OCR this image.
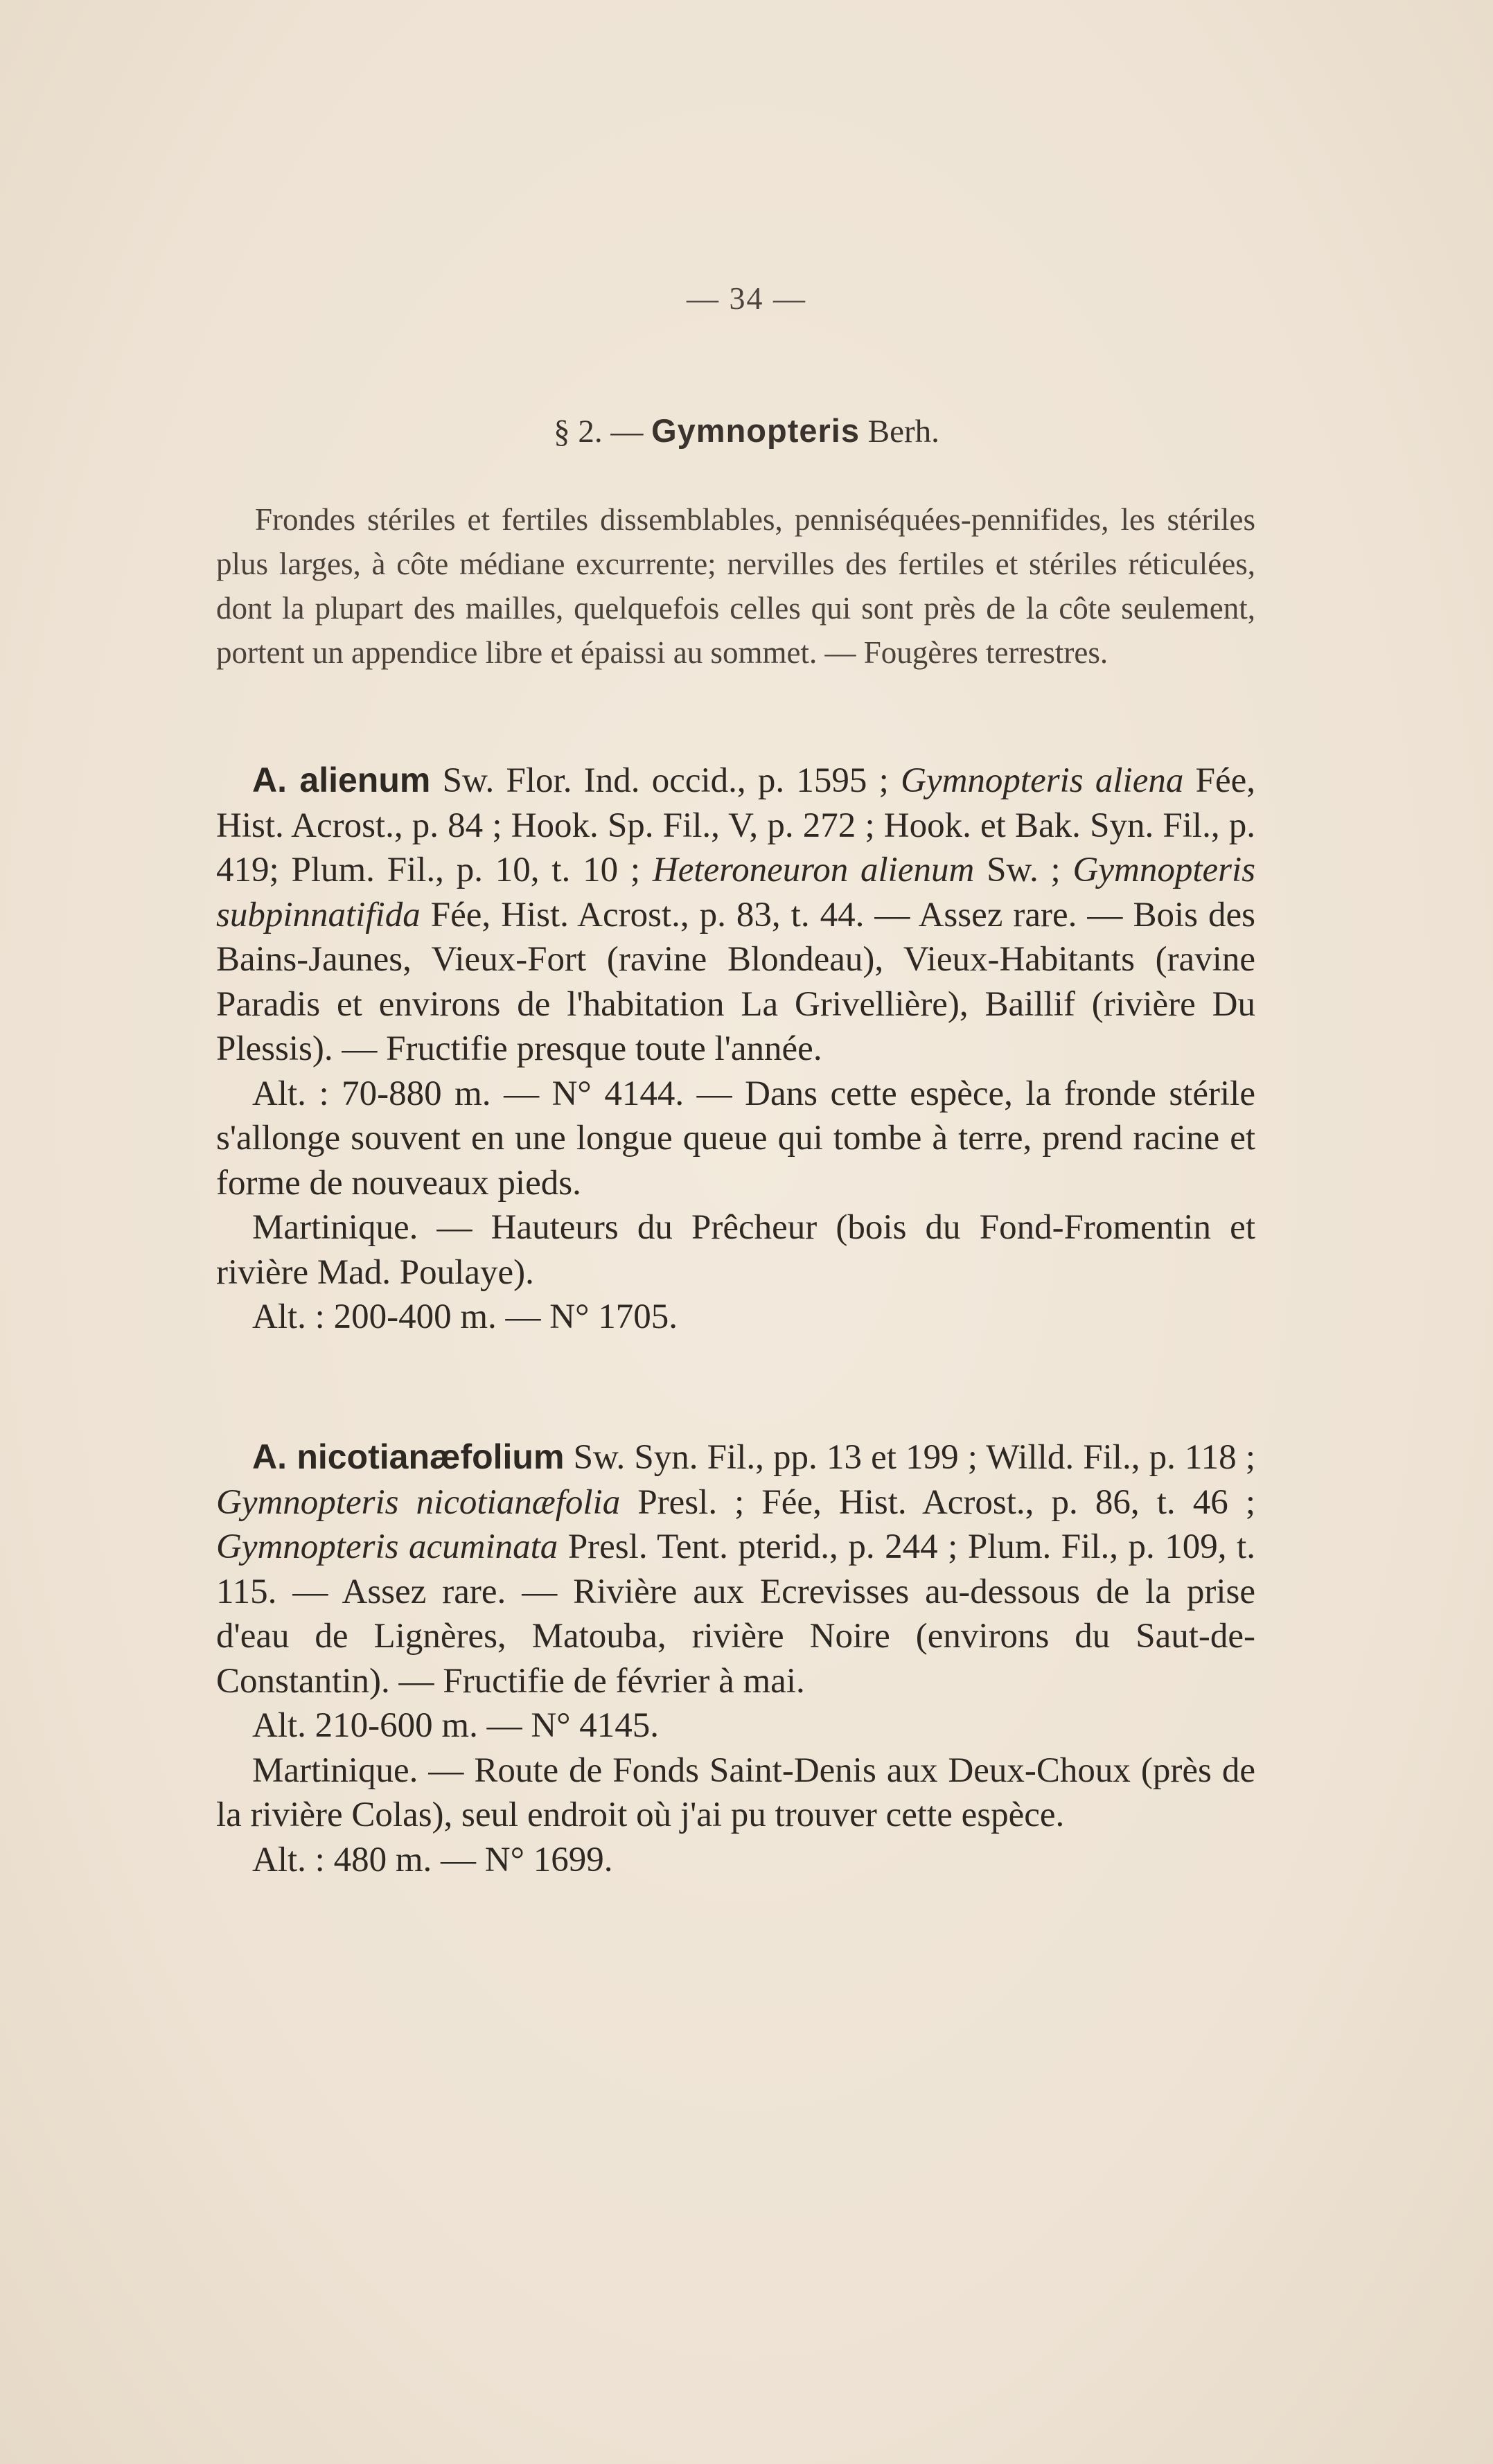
— 34 —
§ 2. — Gymnopteris Berh.
Frondes stériles et fertiles dissemblables, penniséquées-pennifides, les stériles plus larges, à côte médiane excurrente; nervilles des fertiles et stériles réticulées, dont la plupart des mailles, quelquefois celles qui sont près de la côte seulement, portent un appendice libre et épaissi au sommet. — Fougères terrestres.

A. alienum Sw. Flor. Ind. occid., p. 1595 ; Gymnopteris aliena Fée, Hist. Acrost., p. 84 ; Hook. Sp. Fil., V, p. 272 ; Hook. et Bak. Syn. Fil., p. 419; Plum. Fil., p. 10, t. 10 ; Heteroneuron alienum Sw. ; Gymnopteris subpinnatifida Fée, Hist. Acrost., p. 83, t. 44. — Assez rare. — Bois des Bains-Jaunes, Vieux-Fort (ravine Blondeau), Vieux-Habitants (ravine Paradis et environs de l'habitation La Grivellière), Baillif (rivière Du Plessis). — Fructifie presque toute l'année.

Alt. : 70-880 m. — N° 4144. — Dans cette espèce, la fronde stérile s'allonge souvent en une longue queue qui tombe à terre, prend racine et forme de nouveaux pieds.

Martinique. — Hauteurs du Prêcheur (bois du Fond-Fromentin et rivière Mad. Poulaye).

Alt. : 200-400 m. — N° 1705.

A. nicotianæfolium Sw. Syn. Fil., pp. 13 et 199 ; Willd. Fil., p. 118 ; Gymnopteris nicotianæfolia Presl. ; Fée, Hist. Acrost., p. 86, t. 46 ; Gymnopteris acuminata Presl. Tent. pterid., p. 244 ; Plum. Fil., p. 109, t. 115. — Assez rare. — Rivière aux Ecrevisses au-dessous de la prise d'eau de Lignères, Matouba, rivière Noire (environs du Saut-de-Constantin). — Fructifie de février à mai.

Alt. 210-600 m. — N° 4145.

Martinique. — Route de Fonds Saint-Denis aux Deux-Choux (près de la rivière Colas), seul endroit où j'ai pu trouver cette espèce.

Alt. : 480 m. — N° 1699.
